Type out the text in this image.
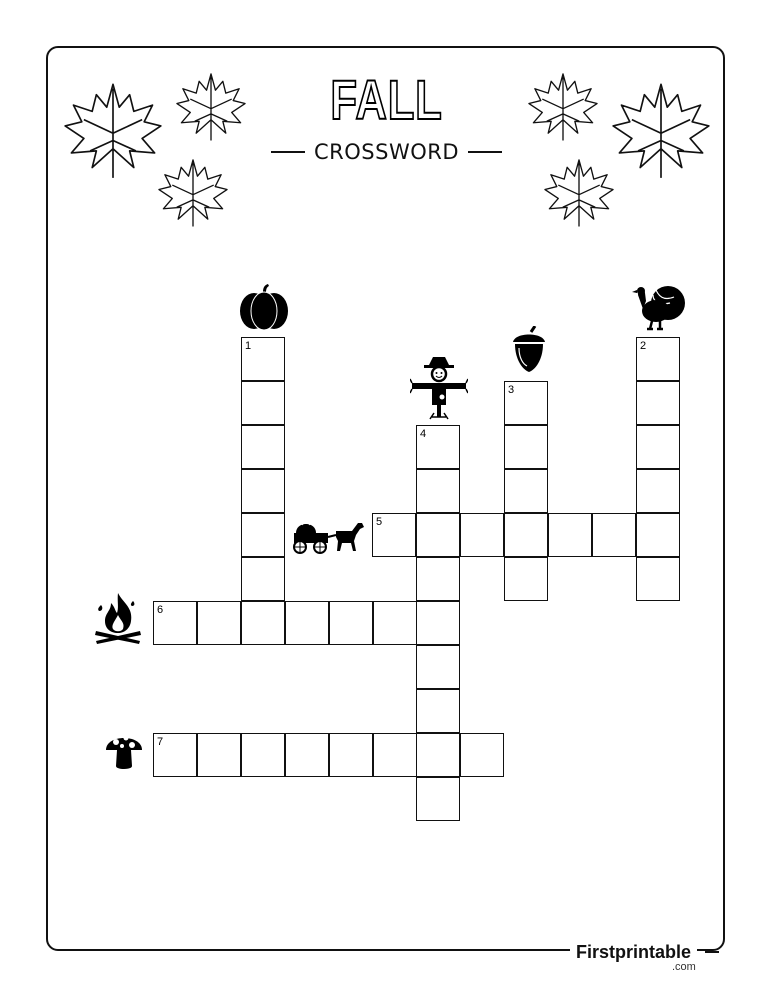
FALL
CROSSWORD
1	2
3
4
5
6
7
Firstprintable
.com
